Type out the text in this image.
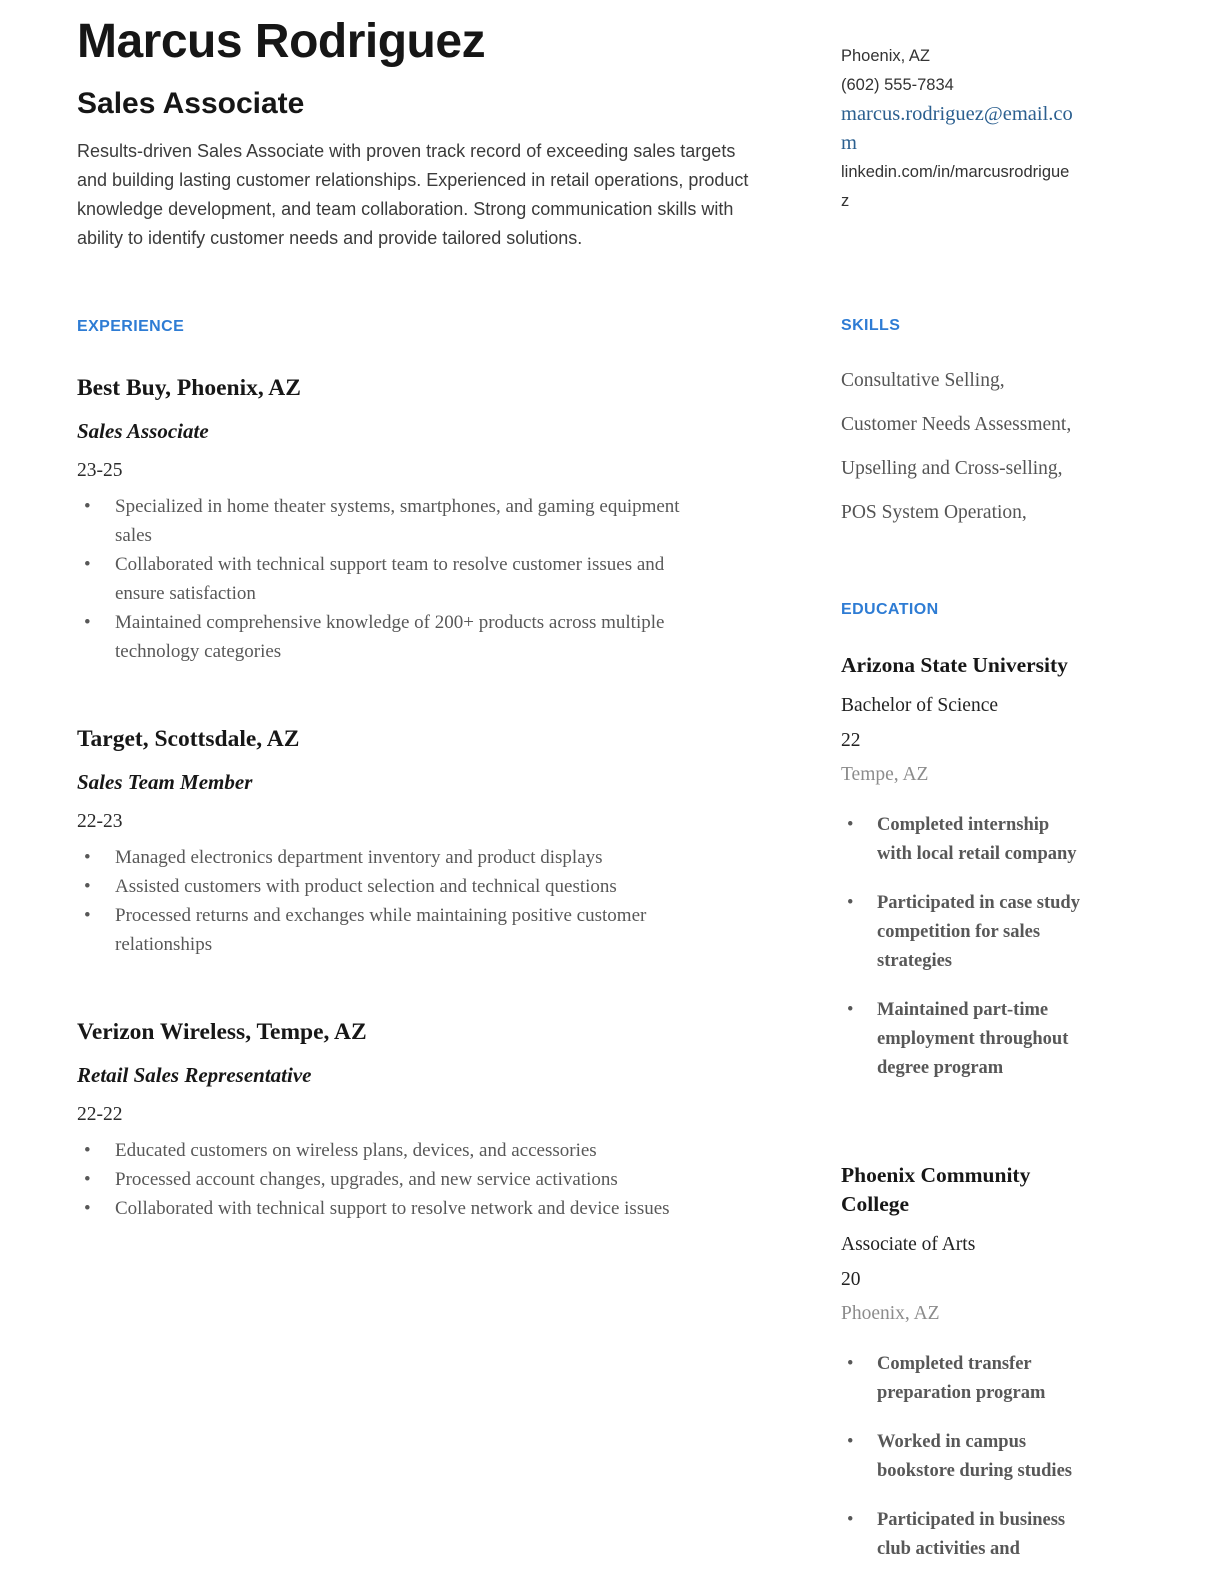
Marcus Rodriguez
Sales Associate

Results-driven Sales Associate with proven track record of exceeding sales targets and building lasting customer relationships. Experienced in retail operations, product knowledge development, and team collaboration. Strong communication skills with ability to identify customer needs and provide tailored solutions.

EXPERIENCE
Best Buy, Phoenix, AZ
Sales Associate
23-25
• Specialized in home theater systems, smartphones, and gaming equipment sales
• Collaborated with technical support team to resolve customer issues and ensure satisfaction
• Maintained comprehensive knowledge of 200+ products across multiple technology categories
Target, Scottsdale, AZ
Sales Team Member
22-23
• Managed electronics department inventory and product displays
• Assisted customers with product selection and technical questions
• Processed returns and exchanges while maintaining positive customer relationships
Verizon Wireless, Tempe, AZ
Retail Sales Representative
22-22
• Educated customers on wireless plans, devices, and accessories
• Processed account changes, upgrades, and new service activations
• Collaborated with technical support to resolve network and device issues
Phoenix, AZ
(602) 555-7834
marcus.rodriguez@email.com
linkedin.com/in/marcusrodriguez
SKILLS
Consultative Selling,
Customer Needs Assessment,
Upselling and Cross-selling,
POS System Operation,
EDUCATION
Arizona State University
Bachelor of Science
22
Tempe, AZ
• Completed internship with local retail company
• Participated in case study competition for sales strategies
• Maintained part-time employment throughout degree program
Phoenix Community College
Associate of Arts
20
Phoenix, AZ
• Completed transfer preparation program
• Worked in campus bookstore during studies
• Participated in business club activities and
